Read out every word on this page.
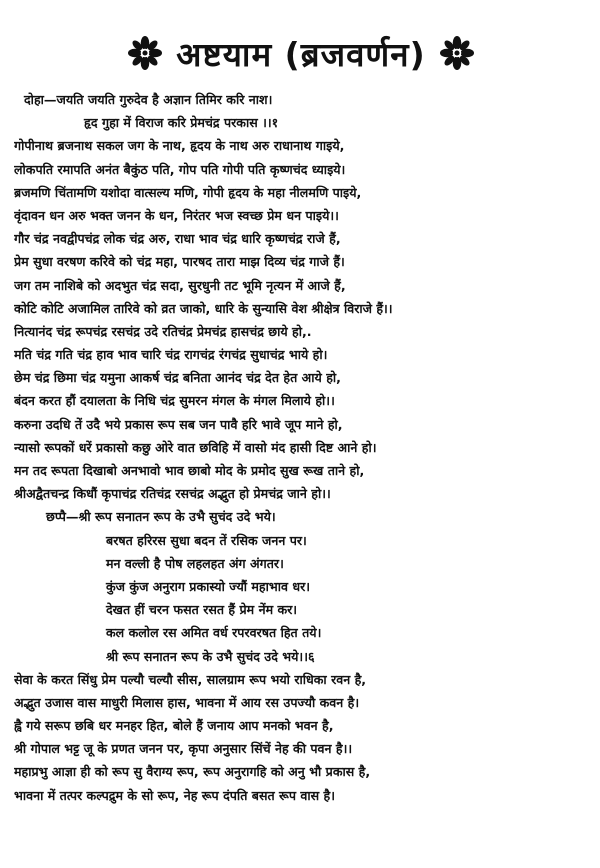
अष्टयाम (ब्रजवर्णन)
दोहा—जयति जयति गुरुदेव है अज्ञान तिमिर करि नाश।
हृद गुहा में विराज करि प्रेमचंद्र परकास ।।१
गोपीनाथ ब्रजनाथ सकल जग के नाथ, हृदय के नाथ अरु राधानाथ गाइये,
लोकपति रमापति अनंत बैकुंठ पति, गोप पति गोपी पति कृष्णचंद ध्याइये।
ब्रजमणि चिंतामणि यशोदा वात्सल्य मणि, गोपी हृदय के महा नीलमणि पाइये,
वृंदावन धन अरु भक्त जनन के धन, निरंतर भज स्वच्छ प्रेम धन पाइये।।
गौर चंद्र नवद्वीपचंद्र लोक चंद्र अरु, राधा भाव चंद्र धारि कृष्णचंद्र राजे हैं,
प्रेम सुधा वरषण करिवे को चंद्र महा, पारषद तारा माझ दिव्य चंद्र गाजे हैं।
जग तम नाशिबे को अदभुत चंद्र सदा, सुरधुनी तट भूमि नृत्यन में आजे हैं,
कोटि कोटि अजामिल तारिवे को व्रत जाको, धारि के सुन्यासि वेश श्रीक्षेत्र विराजे हैं।।
नित्यानंद चंद्र रूपचंद्र रसचंद्र उदे रतिचंद्र प्रेमचंद्र हासचंद्र छाये हो,.
मति चंद्र गति चंद्र हाव भाव चारि चंद्र रागचंद्र रंगचंद्र सुधाचंद्र भाये हो।
छेम चंद्र छिमा चंद्र यमुना आकर्ष चंद्र बनिता आनंद चंद्र देत हेत आये हो,
बंदन करत हौं दयालता के निधि चंद्र सुमरन मंगल के मंगल मिलाये हो।।
करुना उदधि तें उदै भये प्रकास रूप सब जन पावै हरि भावे जूप माने हो,
न्यासो रूपकों धरें प्रकासो कछु ओरे वात छविहि में वासो मंद हासी दिष्ट आने हो।
मन तद रूपता दिखाबो अनभावो भाव छाबो मोद के प्रमोद सुख रूख ताने हो,
श्रीअद्वैतचन्द्र किधौं कृपाचंद्र रतिचंद्र रसचंद्र अद्भुत हो प्रेमचंद्र जाने हो।।
छप्पै—श्री रूप सनातन रूप के उभै सुचंद उदे भये।
बरषत हरिरस सुधा बदन तें रसिक जनन पर।
मन वल्ली है पोष लहलहत अंग अंगतर।
कुंज कुंज अनुराग प्रकास्यो ज्यौं महाभाव धर।
देखत हीं चरन फसत रसत हैं प्रेम नेंम कर।
कल कलोल रस अमित वर्ध रपरवरषत हित तये।
श्री रूप सनातन रूप के उभै सुचंद उदे भये।।६
सेवा के करत सिंधु प्रेम पल्यौ चल्यौ सीस, सालग्राम रूप भयो राधिका रवन है,
अद्भुत उजास वास माधुरी मिलास हास, भावना में आय रस उपज्यौ कवन है।
ह्वै गये सरूप छबि धर मनहर हित, बोले हैं जनाय आप मनको भवन है,
श्री गोपाल भट्ट जू के प्रणत जनन पर, कृपा अनुसार सिंचें नेह की पवन है।।
महाप्रभु आज्ञा ही को रूप सु वैराग्य रूप, रूप अनुरागहि को अनु भौ प्रकास है,
भावना में तत्पर कल्पद्रुम के सो रूप, नेह रूप दंपति बसत रूप वास है।
